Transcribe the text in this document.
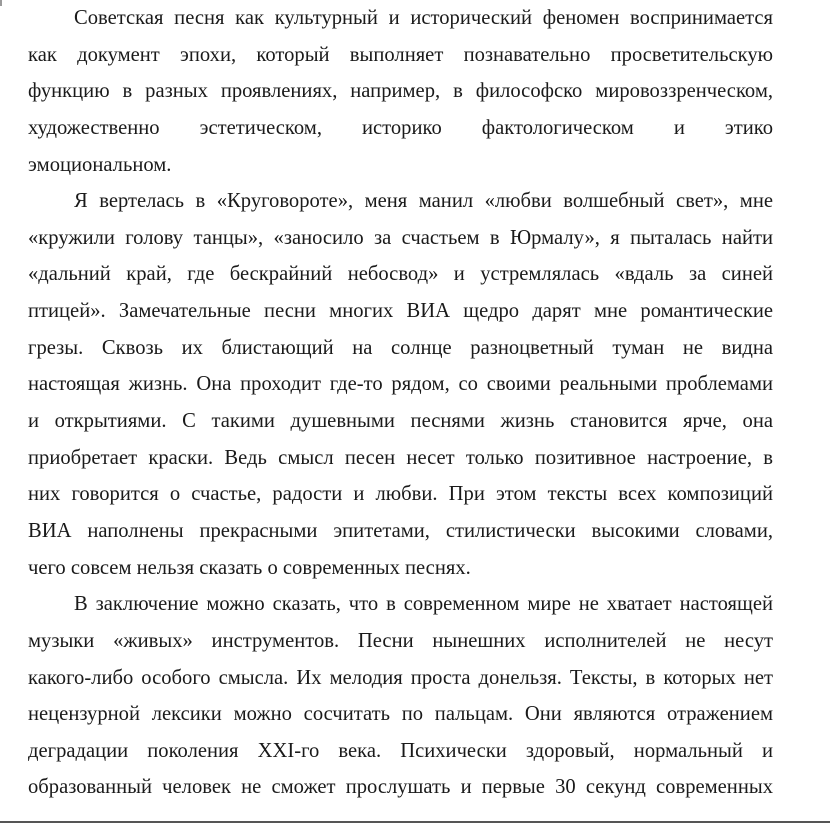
Советская песня как культурный и исторический феномен воспринимается
как документ эпохи, который выполняет познавательно просветительскую
функцию в разных проявлениях, например, в философско мировоззренческом,
художественно эстетическом, историко фактологическом и этико
эмоциональном.
Я вертелась в «Круговороте», меня манил «любви волшебный свет», мне
«кружили голову танцы», «заносило за счастьем в Юрмалу», я пыталась найти
«дальний край, где бескрайний небосвод» и устремлялась «вдаль за синей
птицей». Замечательные песни многих ВИА щедро дарят мне романтические
грезы. Сквозь их блистающий на солнце разноцветный туман не видна
настоящая жизнь. Она проходит где-то рядом, со своими реальными проблемами
и открытиями. С такими душевными песнями жизнь становится ярче, она
приобретает краски. Ведь смысл песен несет только позитивное настроение, в
них говорится о счастье, радости и любви. При этом тексты всех композиций
ВИА наполнены прекрасными эпитетами, стилистически высокими словами,
чего совсем нельзя сказать о современных песнях.
В заключение можно сказать, что в современном мире не хватает настоящей
музыки «живых» инструментов. Песни нынешних исполнителей не несут
какого-либо особого смысла. Их мелодия проста донельзя. Тексты, в которых нет
нецензурной лексики можно сосчитать по пальцам. Они являются отражением
деградации поколения XXI-го века. Психически здоровый, нормальный и
образованный человек не сможет прослушать и первые 30 секунд современных
